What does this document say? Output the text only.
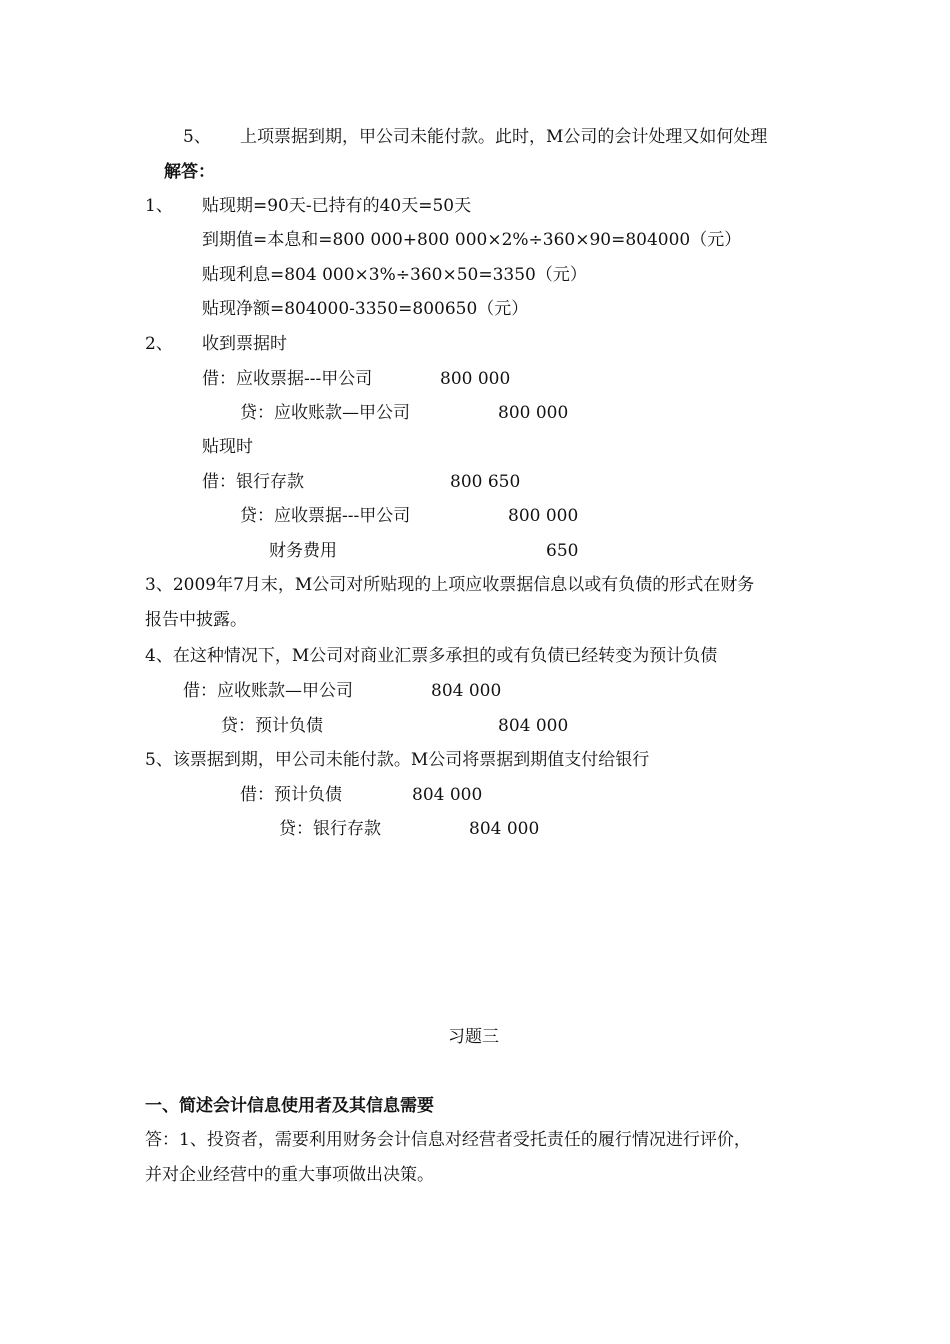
5、 上项票据到期，甲公司未能付款。此时，M公司的会计处理又如何处理
解答：
1、 贴现期=90天-已持有的40天=50天
到期值=本息和=800 000+800 000×2%÷360×90=804000（元）
贴现利息=804 000×3%÷360×50=3350（元）
贴现净额=804000-3350=800650（元）
2、 收到票据时
借：应收票据---甲公司	800 000
贷：应收账款—甲公司	800 000
贴现时
借：银行存款	800 650
贷：应收票据---甲公司	800 000
财务费用	650
3、2009年7月末，M公司对所贴现的上项应收票据信息以或有负债的形式在财务
报告中披露。
4、在这种情况下，M公司对商业汇票多承担的或有负债已经转变为预计负债
借：应收账款—甲公司	804 000
贷：预计负债	804 000
5、该票据到期，甲公司未能付款。M公司将票据到期值支付给银行
借：预计负债	804 000
贷：银行存款	804 000
习题三
一、简述会计信息使用者及其信息需要
答：1、投资者，需要利用财务会计信息对经营者受托责任的履行情况进行评价，
并对企业经营中的重大事项做出决策。
